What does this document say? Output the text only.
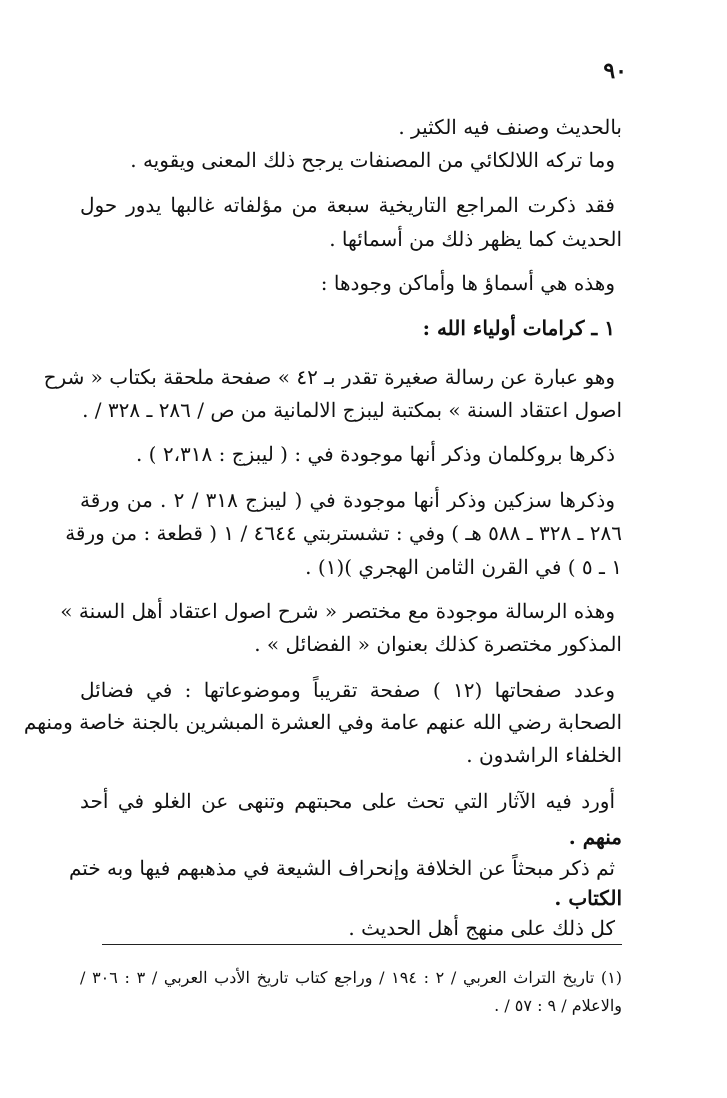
٩٠

بالحديث وصنف فيه الكثير .

وما تركه اللالكائي من المصنفات يرجح ذلك المعنى ويقويه .

فقد ذكرت المراجع التاريخية سبعة من مؤلفاته غالبها يدور حول

الحديث كما يظهر ذلك من أسمائها .

وهذه هي أسماؤ ها وأماكن وجودها :

١ ـ كرامات أولياء الله :

وهو عبارة عن رسالة صغيرة تقدر بـ ٤٢ » صفحة ملحقة بكتاب « شرح

اصول اعتقاد السنة » بمكتبة ليبزج الالمانية من ص / ٢٨٦ ـ ٣٢٨ / .

ذكرها بروكلمان وذكر أنها موجودة في : ( ليبزج : ٢،٣١٨ ) .

وذكرها سزكين وذكر أنها موجودة في ( ليبزج ٣١٨ / ٢ . من ورقة

٢٨٦ ـ ٣٢٨ ـ ٥٨٨ هـ ) وفي : تشستربتي ٤٦٤٤ / ١ ( قطعة : من ورقة

١ ـ ٥ ) في القرن الثامن الهجري )(١) .

وهذه الرسالة موجودة مع مختصر « شرح اصول اعتقاد أهل السنة »

المذكور مختصرة كذلك بعنوان « الفضائل » .

وعدد صفحاتها (١٢ ) صفحة تقريباً وموضوعاتها : في فضائل

الصحابة رضي الله عنهم عامة وفي العشرة المبشرين بالجنة خاصة ومنهم

الخلفاء الراشدون .

أورد فيه الآثار التي تحث على محبتهم وتنهى عن الغلو في أحد

منهم .

ثم ذكر مبحثاً عن الخلافة وإنحراف الشيعة في مذهبهم فيها وبه ختم

الكتاب .

كل ذلك على منهج أهل الحديث .

(١) تاريخ التراث العربي / ٢ : ١٩٤ / وراجع كتاب تاريخ الأدب العربي / ٣ : ٣٠٦ /

والاعلام / ٩ : ٥٧ / .
